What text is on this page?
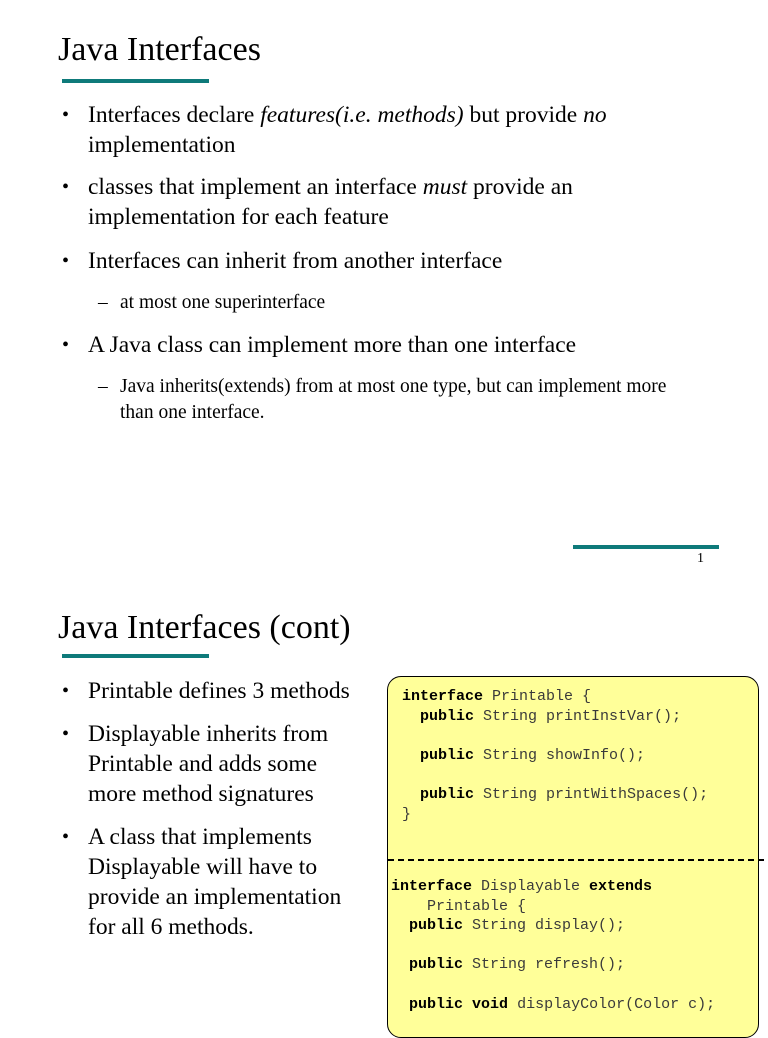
Java Interfaces
• Interfaces declare features(i.e. methods) but provide no implementation
• classes that implement an interface must provide an implementation for each feature
• Interfaces can inherit from another interface
– at most one superinterface
• A Java class can implement more than one interface
– Java inherits(extends) from at most one type, but can implement more than one interface.
1
Java Interfaces (cont)
• Printable defines 3 methods
• Displayable inherits from Printable and adds some more method signatures
• A class that implements Displayable will have to provide an implementation for all 6 methods.
interface Printable {
public String printInstVar();

public String showInfo();

public String printWithSpaces();
}
interface Displayable extends
Printable {
public String display();

public String refresh();

public void displayColor(Color c);
